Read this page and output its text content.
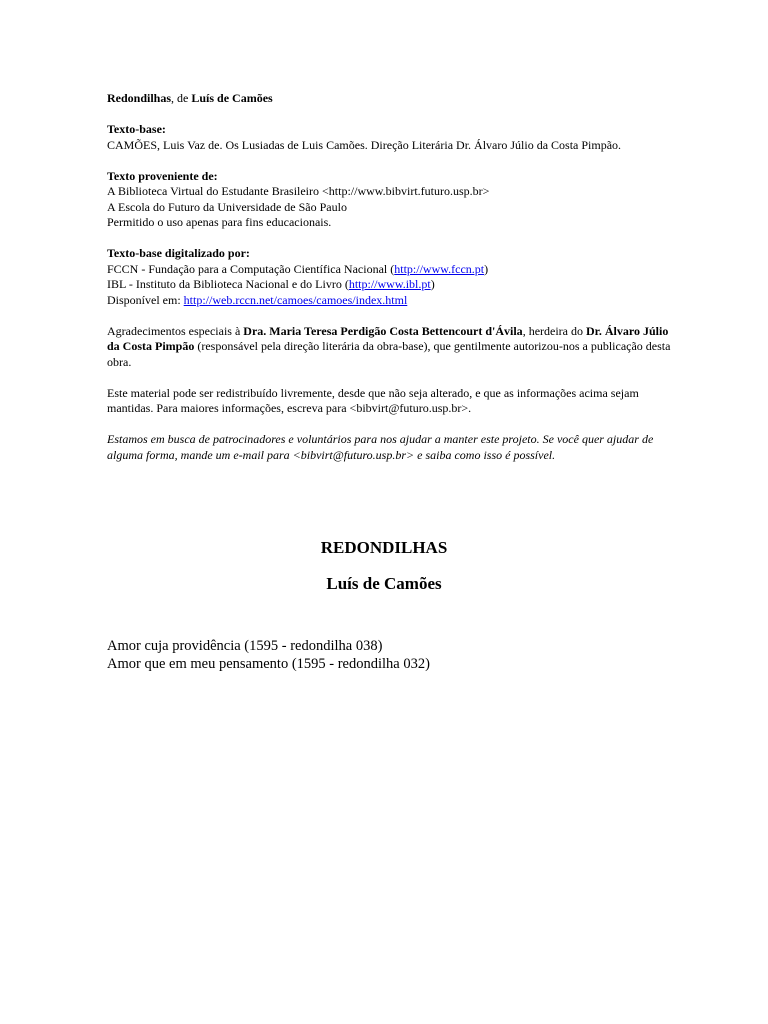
Redondilhas, de Luís de Camões

Texto-base:
CAMÕES, Luis Vaz de. Os Lusiadas de Luis Camões. Direção Literária Dr. Álvaro Júlio da Costa Pimpão.

Texto proveniente de:
A Biblioteca Virtual do Estudante Brasileiro <http://www.bibvirt.futuro.usp.br>
A Escola do Futuro da Universidade de São Paulo
Permitido o uso apenas para fins educacionais.

Texto-base digitalizado por:
FCCN - Fundação para a Computação Científica Nacional (http://www.fccn.pt)
IBL - Instituto da Biblioteca Nacional e do Livro (http://www.ibl.pt)
Disponível em: http://web.rccn.net/camoes/camoes/index.html

Agradecimentos especiais à Dra. Maria Teresa Perdigão Costa Bettencourt d'Ávila, herdeira do Dr. Álvaro Júlio da Costa Pimpão (responsável pela direção literária da obra-base), que gentilmente autorizou-nos a publicação desta obra.

Este material pode ser redistribuído livremente, desde que não seja alterado, e que as informações acima sejam mantidas. Para maiores informações, escreva para <bibvirt@futuro.usp.br>.

Estamos em busca de patrocinadores e voluntários para nos ajudar a manter este projeto. Se você quer ajudar de alguma forma, mande um e-mail para <bibvirt@futuro.usp.br> e saiba como isso é possível.

REDONDILHAS
Luís de Camões
Amor cuja providência (1595 - redondilha 038)
Amor que em meu pensamento (1595 - redondilha 032)
